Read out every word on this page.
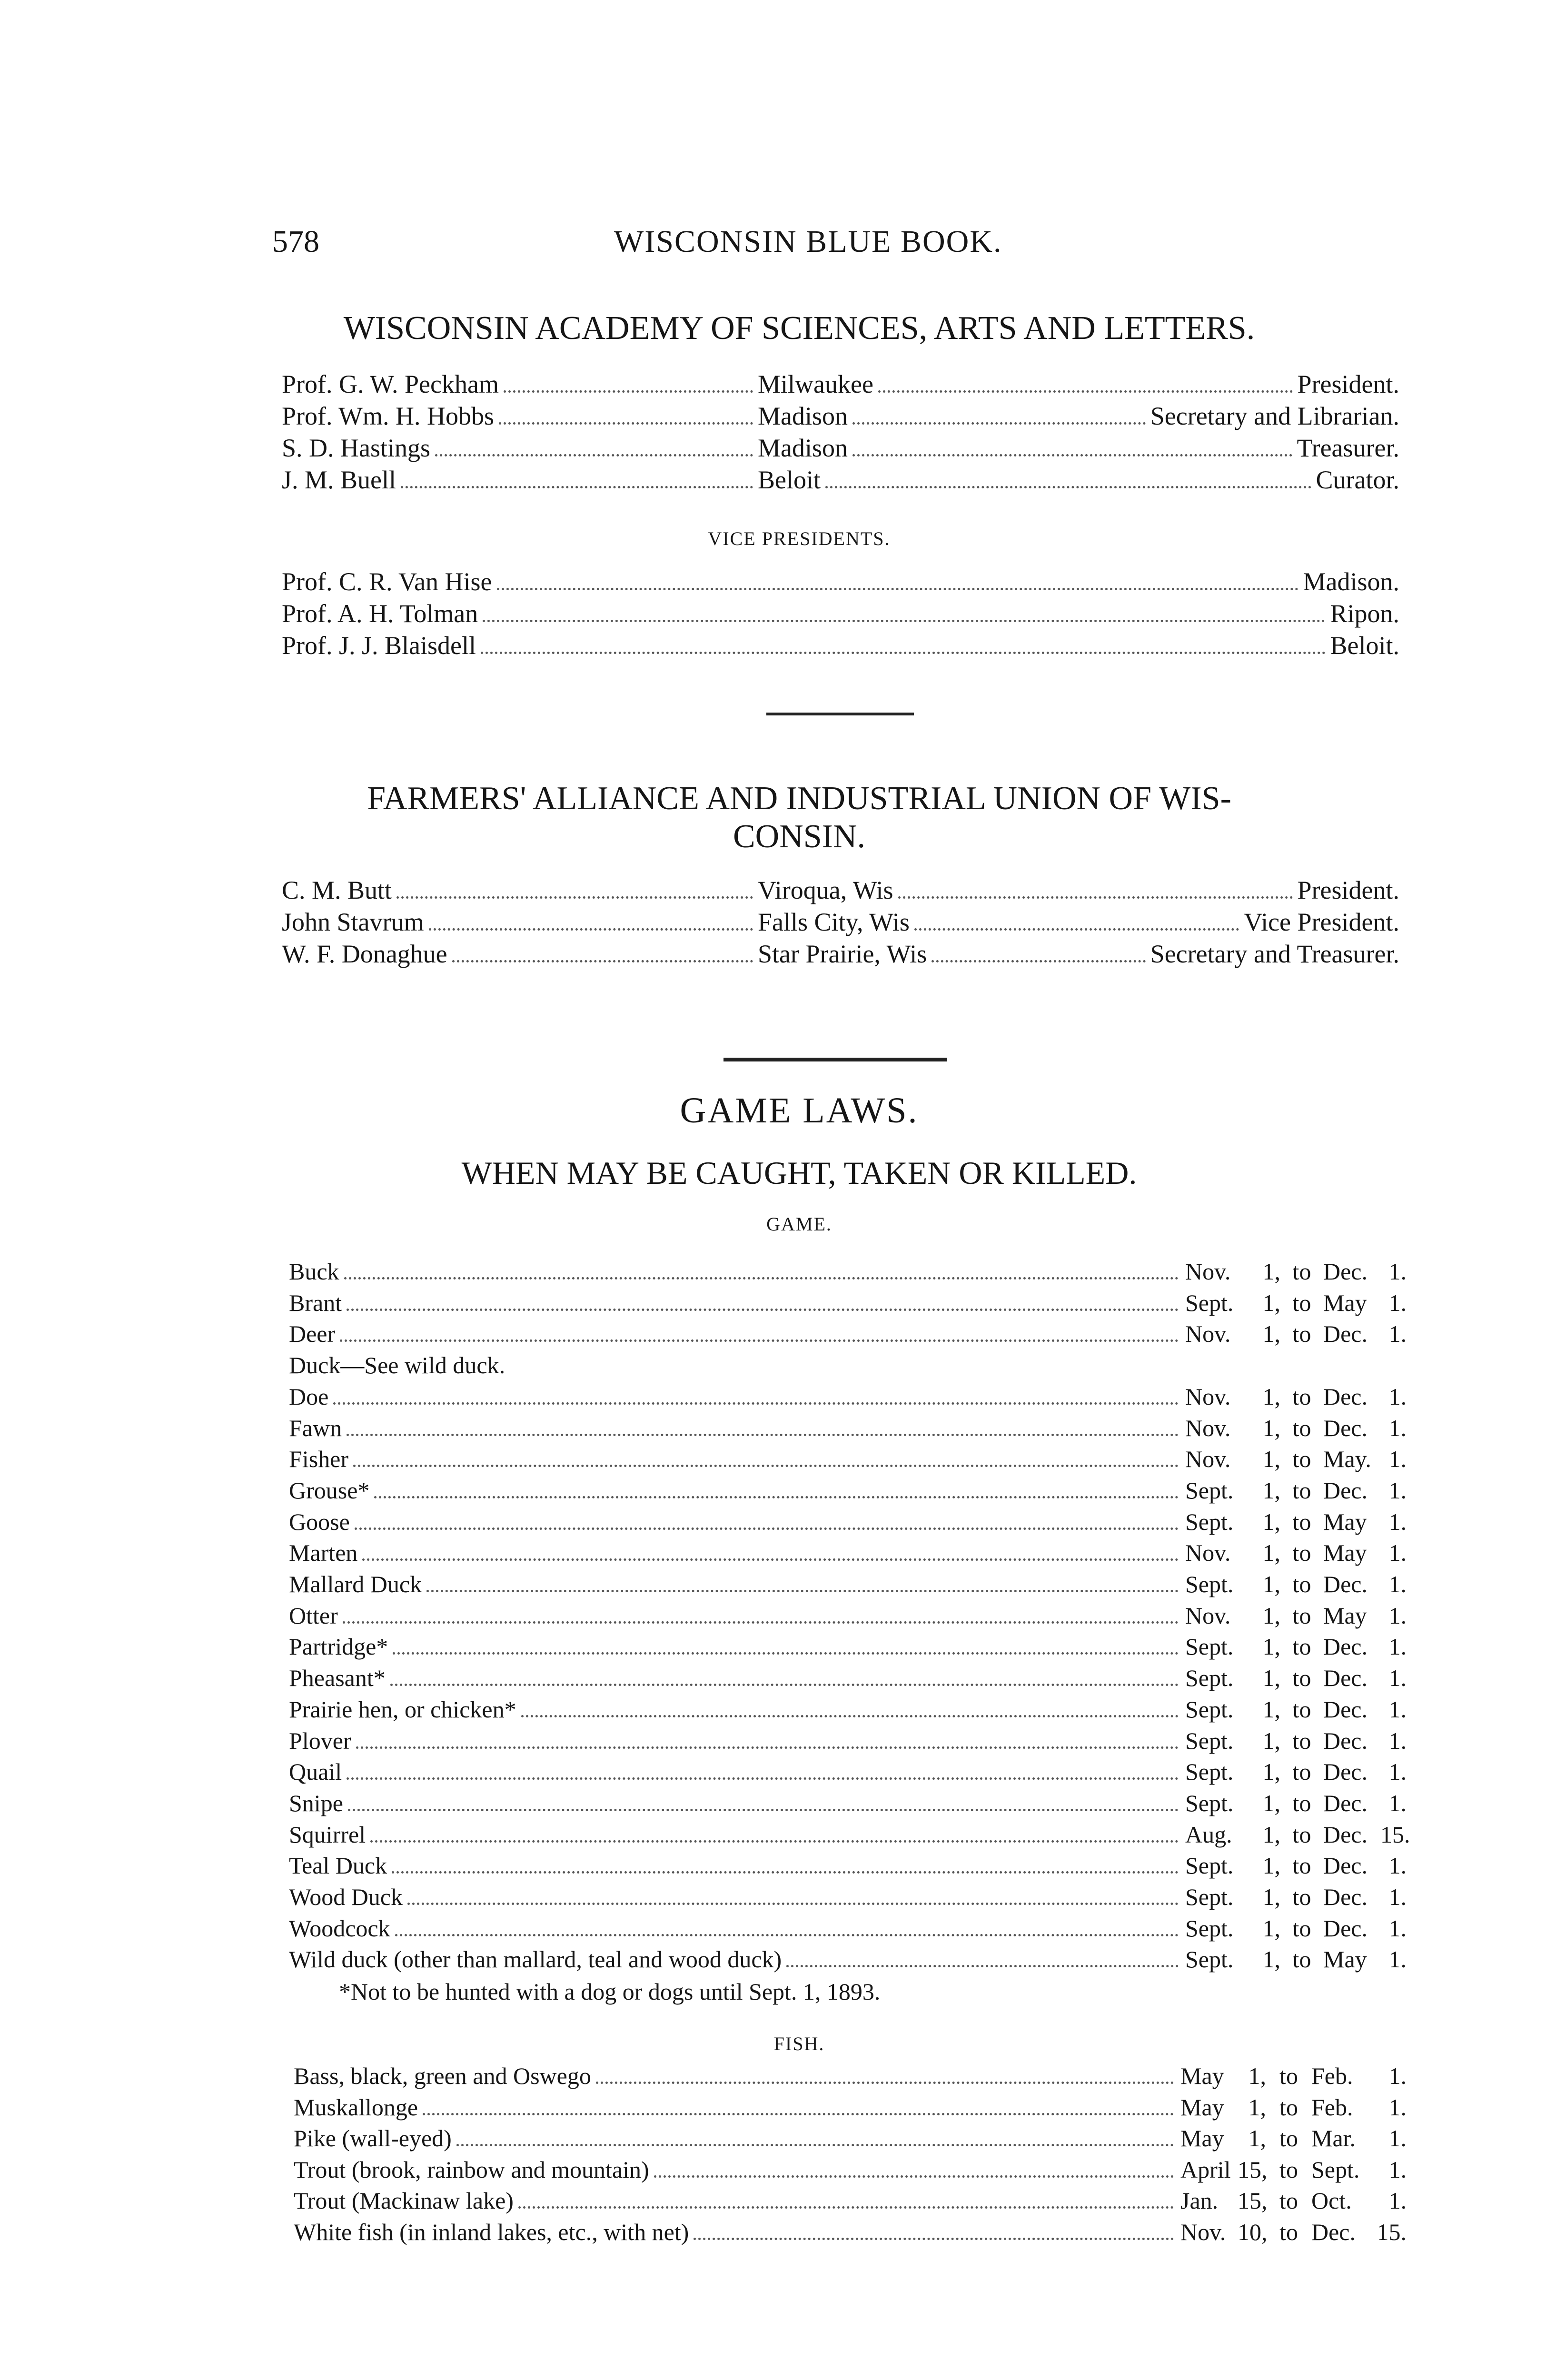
578	WISCONSIN BLUE BOOK.
WISCONSIN ACADEMY OF SCIENCES, ARTS AND LETTERS.
Prof. G. W. Peckham	Milwaukee	President.
Prof. Wm. H. Hobbs	Madison	Secretary and Librarian.
S. D. Hastings	Madison	Treasurer.
J. M. Buell	Beloit	Curator.
VICE PRESIDENTS.
Prof. C. R. Van Hise	Madison.
Prof. A. H. Tolman	Ripon.
Prof. J. J. Blaisdell	Beloit.
FARMERS' ALLIANCE AND INDUSTRIAL UNION OF WIS-
CONSIN.
C. M. Butt	Viroqua, Wis	President.
John Stavrum	Falls City, Wis	Vice President.
W. F. Donaghue	Star Prairie, Wis	Secretary and Treasurer.
GAME LAWS.
WHEN MAY BE CAUGHT, TAKEN OR KILLED.
GAME.
Buck	Nov.	1, to Dec. 1.
Brant	Sept.	1, to May 1.
Deer	Nov.	1, to Dec. 1.
Duck—See wild duck.
Doe	Nov.	1, to Dec. 1.
Fawn	Nov.	1, to Dec. 1.
Fisher	Nov.	1, to May. 1.
Grouse*	Sept.	1, to Dec. 1.
Goose	Sept.	1, to May 1.
Marten	Nov.	1, to May 1.
Mallard Duck	Sept.	1, to Dec. 1.
Otter	Nov.	1, to May 1.
Partridge*	Sept.	1, to Dec. 1.
Pheasant*	Sept.	1, to Dec. 1.
Prairie hen, or chicken*	Sept.	1, to Dec. 1.
Plover	Sept.	1, to Dec. 1.
Quail	Sept.	1, to Dec. 1.
Snipe	Sept.	1, to Dec. 1.
Squirrel	Aug.	1, to Dec. 15.
Teal Duck	Sept.	1, to Dec. 1.
Wood Duck	Sept.	1, to Dec. 1.
Woodcock	Sept.	1, to Dec. 1.
Wild duck (other than mallard, teal and wood duck)	Sept.	1, to May 1.
*Not to be hunted with a dog or dogs until Sept. 1, 1893.
FISH.
Bass, black, green and Oswego	May	1, to Feb.	1.
Muskallonge	May	1, to Feb.	1.
Pike (wall-eyed)	May	1, to Mar.	1.
Trout (brook, rainbow and mountain)	April 15, to Sept.	1.
Trout (Mackinaw lake)	Jan. 15, to Oct.	1.
White fish (in inland lakes, etc., with net)	Nov. 10, to Dec. 15.
